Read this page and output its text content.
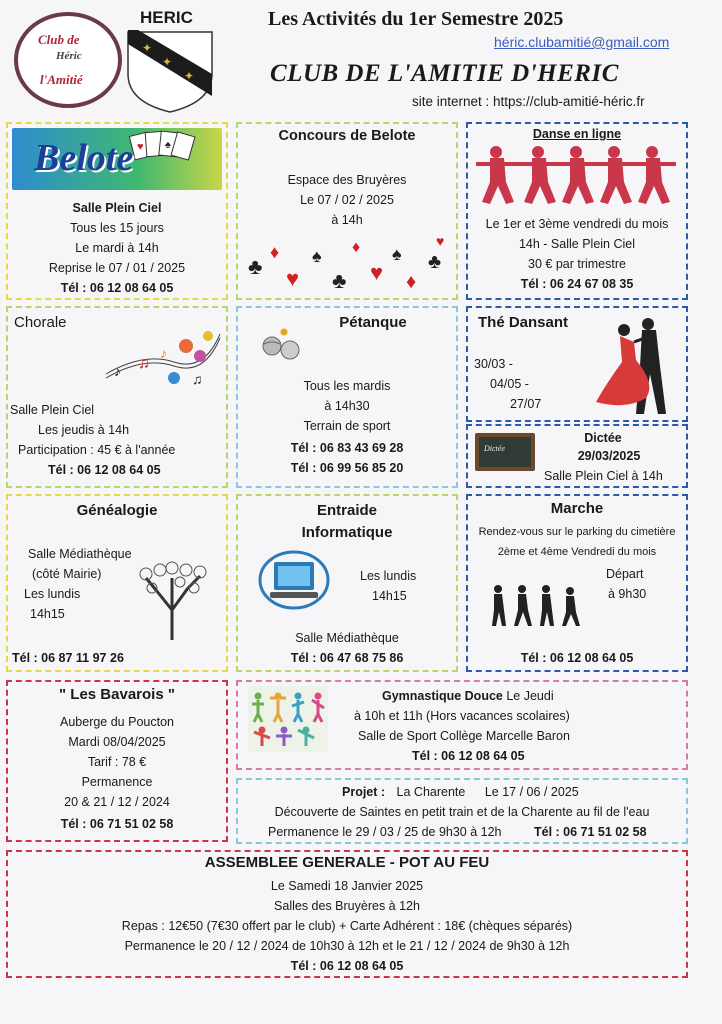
Club de
Héric
l'Amitié
HERIC
✦
✦
✦
Les Activités du 1er Semestre 2025
héric.clubamitié@gmail.com
CLUB DE L'AMITIE D'HERIC
site internet : https://club-amitié-héric.fr
♥ ♠
Belote
Salle Plein Ciel
Tous les 15 jours
Le mardi à 14h
Reprise le 07 / 01 / 2025
Tél : 06 12 08 64 05
Concours de Belote
Espace des Bruyères
Le 07 / 02 / 2025
à 14h
♣
♦
♥
♠
♣
♦
♥
♠
♦
♣
♥
Danse en ligne
Le 1er et 3ème vendredi du mois
14h - Salle Plein Ciel
30 € par trimestre
Tél : 06 24 67 08 35
Chorale
♪ ♫
♪
♫
Salle Plein Ciel
Les jeudis à 14h
Participation : 45 € à l'année
Tél : 06 12 08 64 05
Pétanque
Tous les mardis
à 14h30
Terrain de sport
Tél : 06 83 43 69 28
Tél : 06 99 56 85 20
Thé Dansant
30/03 -
04/05 -
27/07
Dictée
Dictée
29/03/2025
Salle Plein Ciel à 14h
Généalogie
Salle Médiathèque
(côté Mairie)
Les lundis
14h15
Tél : 06 87 11 97 26
Entraide
Informatique
Les lundis
14h15
Salle Médiathèque
Tél : 06 47 68 75 86
Marche
Rendez-vous sur le parking du cimetière
2ème et 4ème Vendredi du mois
Départ
à 9h30
Tél : 06 12 08 64 05
" Les Bavarois "
Auberge du Poucton
Mardi 08/04/2025
Tarif : 78 €
Permanence
20 & 21 / 12 / 2024
Tél : 06 71 51 02 58
Gymnastique Douce Le Jeudi
à 10h et 11h (Hors vacances scolaires)
Salle de Sport Collège Marcelle Baron
Tél : 06 12 08 64 05
Projet : La Charente Le 17 / 06 / 2025
Découverte de Saintes en petit train et de la Charente au fil de l'eau
Permanence le 29 / 03 / 25 de 9h30 à 12h	Tél : 06 71 51 02 58
ASSEMBLEE GENERALE - POT AU FEU
Le Samedi 18 Janvier 2025
Salles des Bruyères à 12h
Repas : 12€50 (7€30 offert par le club) + Carte Adhérent : 18€ (chèques séparés)
Permanence le 20 / 12 / 2024 de 10h30 à 12h et le 21 / 12 / 2024 de 9h30 à 12h
Tél : 06 12 08 64 05
